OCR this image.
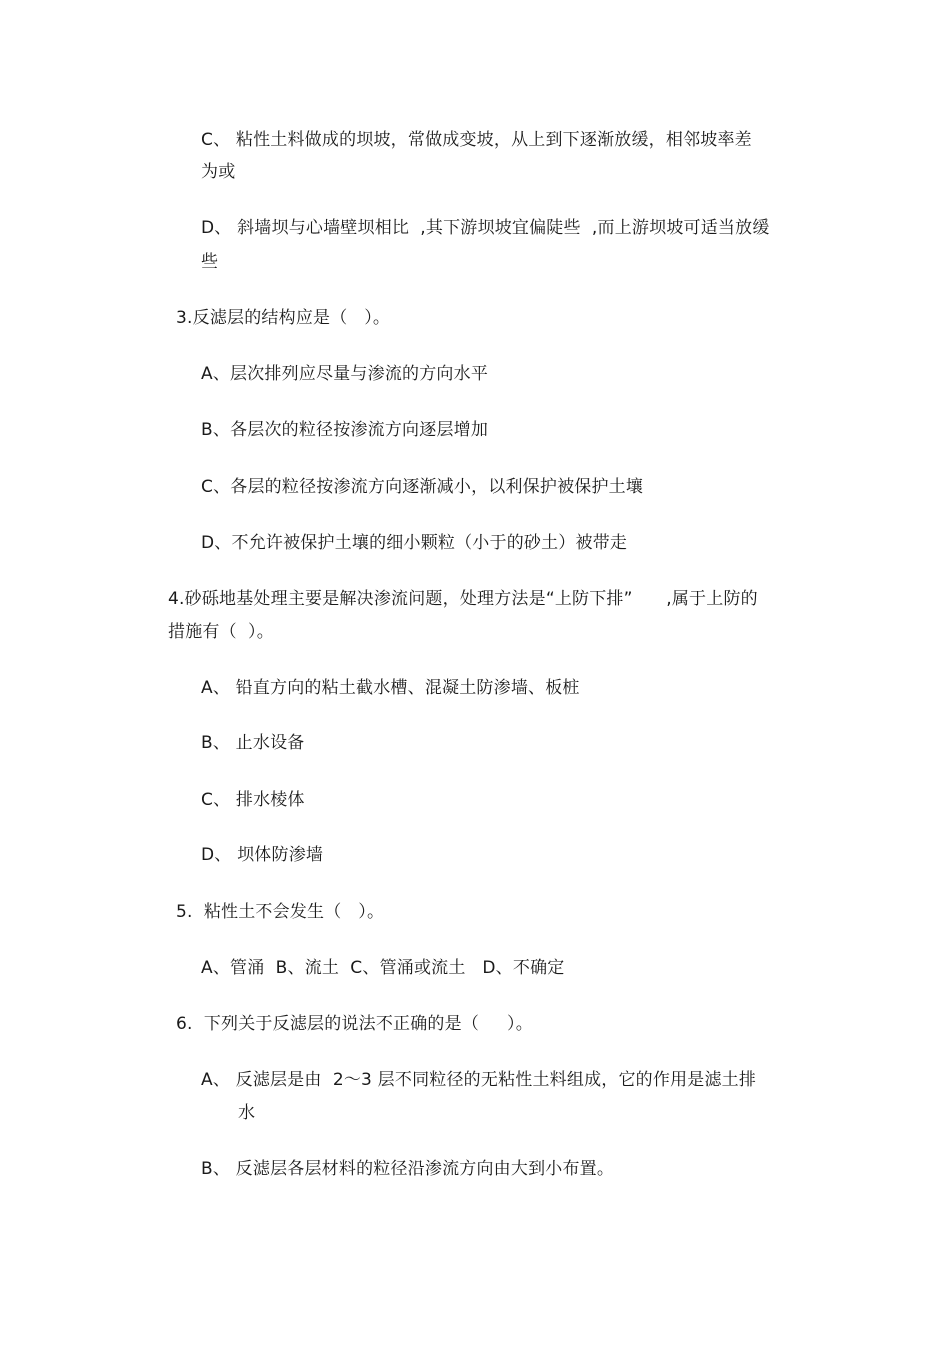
C、 粘性土料做成的坝坡，常做成变坡，从上到下逐渐放缓，相邻坡率差
为或
D、 斜墙坝与心墙壁坝相比  ,其下游坝坡宜偏陡些  ,而上游坝坡可适当放缓
些
3.反滤层的结构应是（   ）。
A、层次排列应尽量与渗流的方向水平
B、各层次的粒径按渗流方向逐层增加
C、各层的粒径按渗流方向逐渐减小，以利保护被保护土壤
D、不允许被保护土壤的细小颗粒（小于的砂土）被带走
4.砂砾地基处理主要是解决渗流问题，处理方法是“上防下排”      ,属于上防的
措施有（  ）。
A、 铅直方向的粘土截水槽、混凝土防渗墙、板桩
B、 止水设备
C、 排水棱体
D、 坝体防渗墙
5.  粘性土不会发生（   ）。
A、管涌  B、流土  C、管涌或流土   D、不确定
6.  下列关于反滤层的说法不正确的是（     ）。
A、 反滤层是由  2～3 层不同粒径的无粘性土料组成，它的作用是滤土排
水
B、 反滤层各层材料的粒径沿渗流方向由大到小布置。
